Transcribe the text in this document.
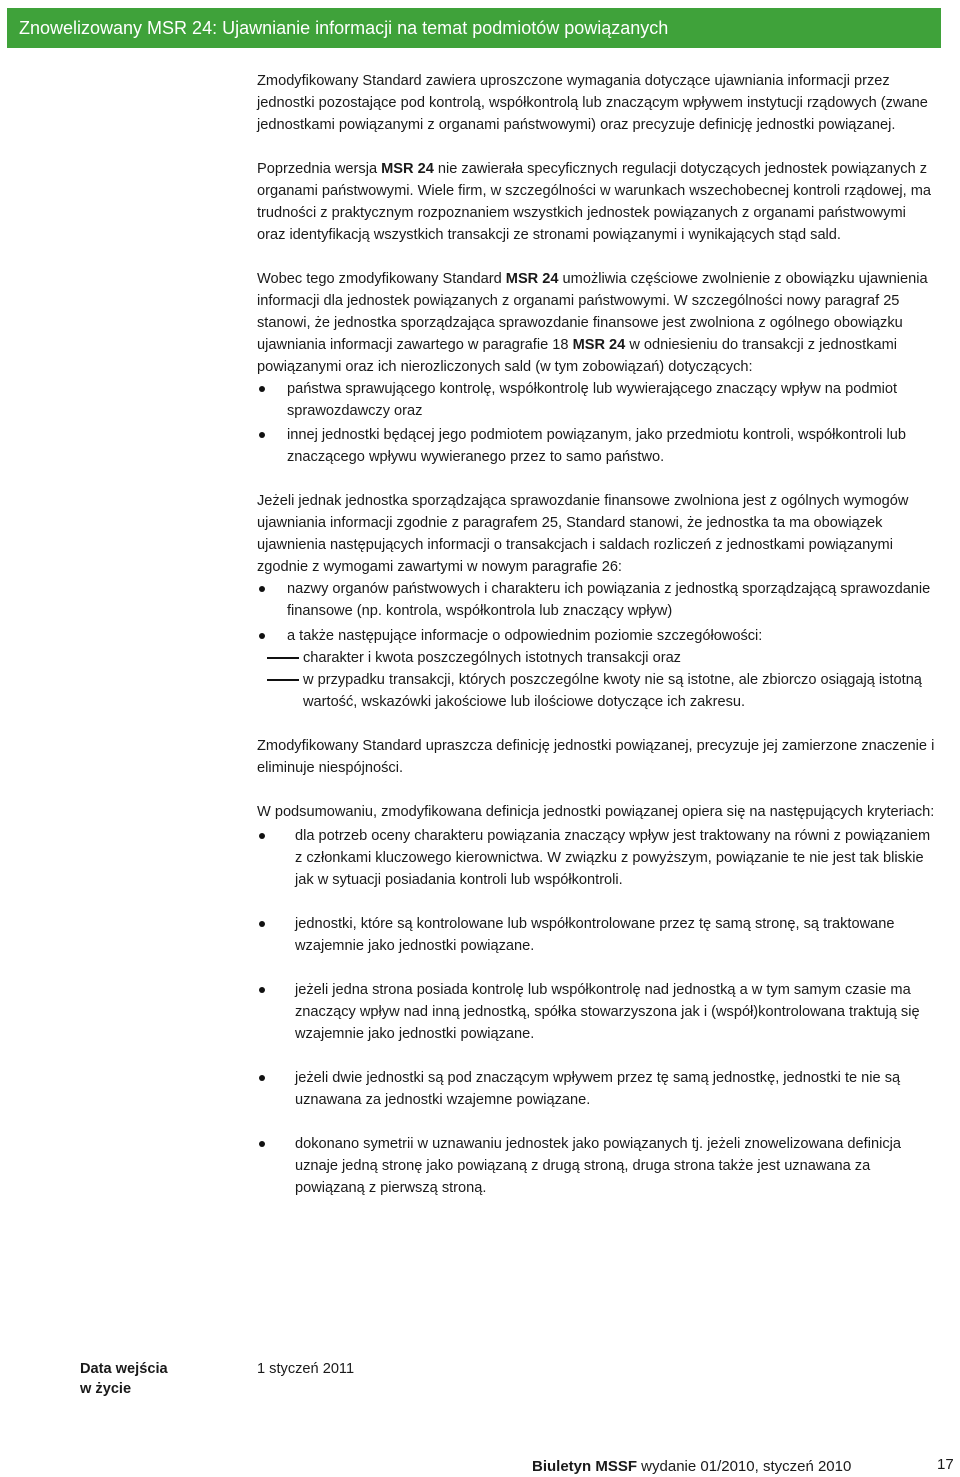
Znowelizowany MSR 24: Ujawnianie informacji na temat podmiotów powiązanych

Zmodyfikowany Standard zawiera uproszczone wymagania dotyczące ujawniania informacji przez jednostki pozostające pod kontrolą, współkontrolą lub znaczącym wpływem instytucji rządowych (zwane jednostkami powiązanymi z organami państwowymi) oraz precyzuje definicję jednostki powiązanej.

Poprzednia wersja MSR 24 nie zawierała specyficznych regulacji dotyczących jednostek powiązanych z organami państwowymi. Wiele firm, w szczególności w warunkach wszechobecnej kontroli rządowej, ma trudności z praktycznym rozpoznaniem wszystkich jednostek powiązanych z organami państwowymi oraz identyfikacją wszystkich transakcji ze stronami powiązanymi i wynikających stąd sald.

Wobec tego zmodyfikowany Standard MSR 24 umożliwia częściowe zwolnienie z obowiązku ujawnienia informacji dla jednostek powiązanych z organami państwowymi. W szczególności nowy paragraf 25 stanowi, że jednostka sporządzająca sprawozdanie finansowe jest zwolniona z ogólnego obowiązku ujawniania informacji zawartego w paragrafie 18 MSR 24 w odniesieniu do transakcji z jednostkami powiązanymi oraz ich nierozliczonych sald (w tym zobowiązań) dotyczących:

państwa sprawującego kontrolę, współkontrolę lub wywierającego znaczący wpływ na podmiot sprawozdawczy oraz
innej jednostki będącej jego podmiotem powiązanym, jako przedmiotu kontroli, współkontroli lub znaczącego wpływu wywieranego przez to samo państwo.

Jeżeli jednak jednostka sporządzająca sprawozdanie finansowe zwolniona jest z ogólnych wymogów ujawniania informacji zgodnie z paragrafem 25, Standard stanowi, że jednostka ta ma obowiązek ujawnienia następujących informacji o transakcjach i saldach rozliczeń z jednostkami powiązanymi zgodnie z wymogami zawartymi w nowym paragrafie 26:

nazwy organów państwowych i charakteru ich powiązania z jednostką sporządzającą sprawozdanie finansowe (np. kontrola, współkontrola lub znaczący wpływ)
a także następujące informacje o odpowiednim poziomie szczegółowości:
charakter i kwota poszczególnych istotnych transakcji oraz
w przypadku transakcji, których poszczególne kwoty nie są istotne, ale zbiorczo osiągają istotną wartość, wskazówki jakościowe lub ilościowe dotyczące ich zakresu.

Zmodyfikowany Standard upraszcza definicję jednostki powiązanej, precyzuje jej zamierzone znaczenie i eliminuje niespójności.

W podsumowaniu, zmodyfikowana definicja jednostki powiązanej opiera się na następujących kryteriach:

dla potrzeb oceny charakteru powiązania znaczący wpływ jest traktowany na równi z powiązaniem z członkami kluczowego kierownictwa. W związku z powyższym, powiązanie te nie jest tak bliskie jak w sytuacji posiadania kontroli lub współkontroli.
jednostki, które są kontrolowane lub współkontrolowane przez tę samą stronę, są traktowane wzajemnie jako jednostki powiązane.
jeżeli jedna strona posiada kontrolę lub współkontrolę nad jednostką a w tym samym czasie ma znaczący wpływ nad inną jednostką, spółka stowarzyszona jak i (współ)kontrolowana traktują się wzajemnie jako jednostki powiązane.
jeżeli dwie jednostki są pod znaczącym wpływem przez tę samą jednostkę, jednostki te nie są uznawana za jednostki wzajemne powiązane.
dokonano symetrii w uznawaniu jednostek jako powiązanych tj. jeżeli znowelizowana definicja uznaje jedną stronę jako powiązaną z drugą stroną, druga strona także jest uznawana za powiązaną z pierwszą stroną.
Data wejścia
w życie
1 styczeń 2011
Biuletyn MSSF wydanie 01/2010, styczeń 2010	17
